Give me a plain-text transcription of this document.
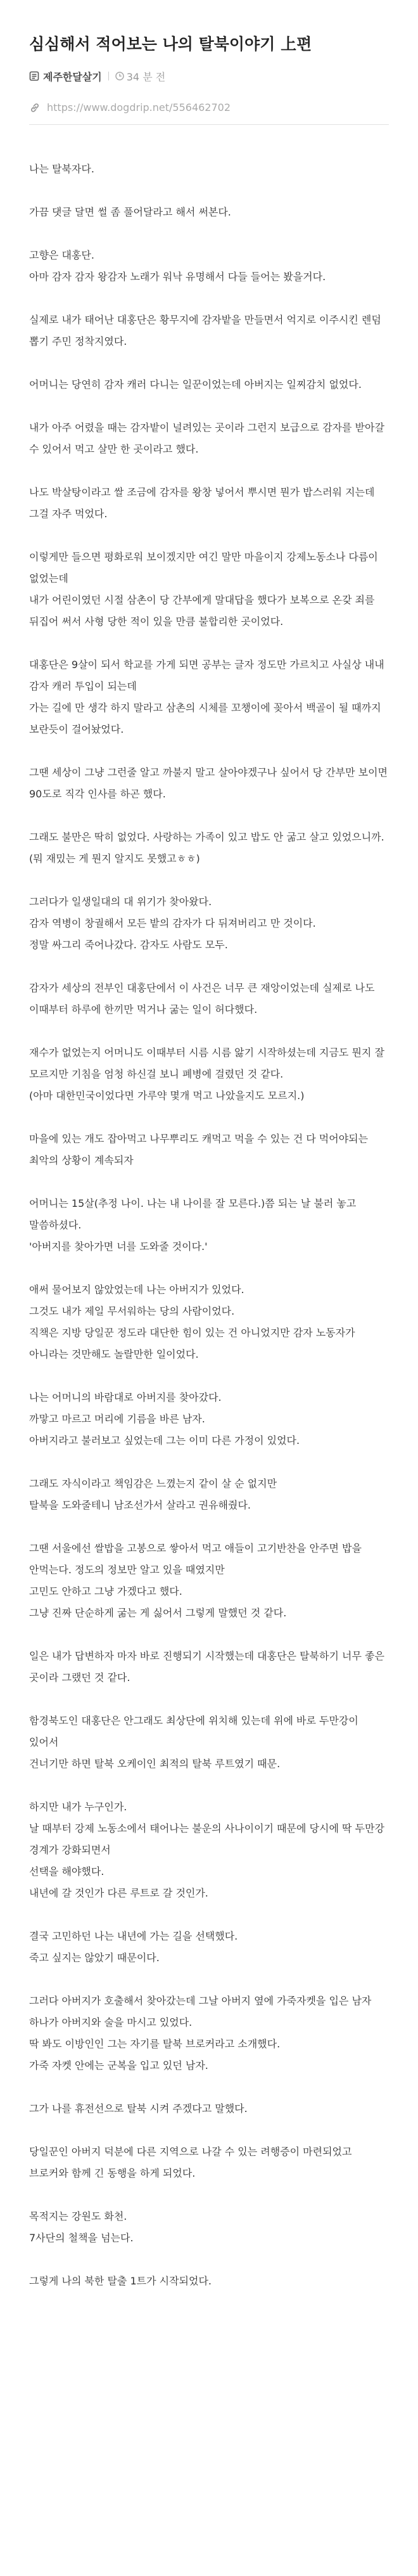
심심해서 적어보는 나의 탈북이야기 上편
제주한달살기 34 분 전
https://www.dogdrip.net/556462702

나는 탈북자다.

가끔 댓글 달면 썰 좀 풀어달라고 해서 써본다.

고향은 대홍단.

아마 감자 감자 왕감자 노래가 워낙 유명해서 다들 들어는 봤을거다.

실제로 내가 태어난 대홍단은 황무지에 감자밭을 만들면서 억지로 이주시킨 렌덤 뽑기 주민 정착지였다.

어머니는 당연히 감자 캐러 다니는 일꾼이었는데 아버지는 일찌감치 없었다.

내가 아주 어렸을 때는 감자밭이 널려있는 곳이라 그런지 보급으로 감자를 받아갈 수 있어서 먹고 살만 한 곳이라고 했다.

나도 박살탕이라고 쌀 조금에 감자를 왕창 넣어서 뿌시면 뭔가 밥스러워 지는데 그걸 자주 먹었다.

이렇게만 들으면 평화로워 보이겠지만 여긴 말만 마을이지 강제노동소나 다름이 없었는데

내가 어린이였던 시절 삼촌이 당 간부에게 말대답을 했다가 보복으로 온갖 죄를 뒤집어 써서 사형 당한 적이 있을 만큼 불합리한 곳이었다.

대홍단은 9살이 되서 학교를 가게 되면 공부는 글자 정도만 가르치고 사실상 내내 감자 캐러 투입이 되는데

가는 길에 만 생각 하지 말라고 삼촌의 시체를 꼬챙이에 꽂아서 백골이 될 때까지 보란듯이 걸어놨었다.

그땐 세상이 그냥 그런줄 알고 까불지 말고 살아야겠구나 싶어서 당 간부만 보이면 90도로 직각 인사를 하곤 했다.

그래도 불만은 딱히 없었다. 사랑하는 가족이 있고 밥도 안 굶고 살고 있었으니까.

(뭐 재밌는 게 뭔지 알지도 못했고ㅎㅎ)

그러다가 일생일대의 대 위기가 찾아왔다.

감자 역병이 창궐해서 모든 밭의 감자가 다 뒤져버리고 만 것이다.

정말 싸그리 죽어나갔다. 감자도 사람도 모두.

감자가 세상의 전부인 대홍단에서 이 사건은 너무 큰 재앙이었는데 실제로 나도 이때부터 하루에 한끼만 먹거나 굶는 일이 허다했다.

재수가 없었는지 어머니도 이때부터 시름 시름 앓기 시작하셨는데 지금도 뭔지 잘 모르지만 기침을 엄청 하신걸 보니 폐병에 걸렸던 것 같다.

(아마 대한민국이었다면 가루약 몇개 먹고 나았을지도 모르지.)

마을에 있는 개도 잡아먹고 나무뿌리도 캐먹고 먹을 수 있는 건 다 먹어야되는 최악의 상황이 계속되자

어머니는 15살(추정 나이. 나는 내 나이를 잘 모른다.)쯤 되는 날 불러 놓고 말씀하셨다.

'아버지를 찾아가면 너를 도와줄 것이다.'

애써 물어보지 않았었는데 나는 아버지가 있었다.

그것도 내가 제일 무서워하는 당의 사람이었다.

직책은 지방 당일꾼 정도라 대단한 힘이 있는 건 아니었지만 감자 노동자가 아니라는 것만해도 놀랄만한 일이었다.

나는 어머니의 바람대로 아버지를 찾아갔다.

까맣고 마르고 머리에 기름을 바른 남자.

아버지라고 불러보고 싶었는데 그는 이미 다른 가정이 있었다.

그래도 자식이라고 책임감은 느꼈는지 같이 살 순 없지만

탈북을 도와줄테니 남조선가서 살라고 권유해줬다.

그땐 서울에선 쌀밥을 고봉으로 쌓아서 먹고 애들이 고기반찬을 안주면 밥을 안먹는다. 정도의 정보만 알고 있을 때였지만

고민도 안하고 그냥 가겠다고 했다.

그냥 진짜 단순하게 굶는 게 싫어서 그렇게 말했던 것 같다.

일은 내가 답변하자 마자 바로 진행되기 시작했는데 대홍단은 탈북하기 너무 좋은 곳이라 그랬던 것 같다.

함경북도인 대홍단은 안그래도 최상단에 위치해 있는데 위에 바로 두만강이 있어서

건너기만 하면 탈북 오케이인 최적의 탈북 루트였기 때문.

하지만 내가 누구인가.

날 때부터 강제 노동소에서 태어나는 불운의 사나이이기 때문에 당시에 딱 두만강 경계가 강화되면서

선택을 해야했다.

내년에 갈 것인가 다른 루트로 갈 것인가.

결국 고민하던 나는 내년에 가는 길을 선택했다.

죽고 싶지는 않았기 때문이다.

그러다 아버지가 호출해서 찾아갔는데 그날 아버지 옆에 가죽자켓을 입은 남자 하나가 아버지와 술을 마시고 있었다.

딱 봐도 이방인인 그는 자기를 탈북 브로커라고 소개했다.

가죽 자켓 안에는 군복을 입고 있던 남자.

그가 나를 휴전선으로 탈북 시켜 주겠다고 말했다.

당일꾼인 아버지 덕분에 다른 지역으로 나갈 수 있는 려행증이 마련되었고 브로커와 함께 긴 동행을 하게 되었다.

목적지는 강원도 화천.

7사단의 철책을 넘는다.

그렇게 나의 북한 탈출 1트가 시작되었다.
